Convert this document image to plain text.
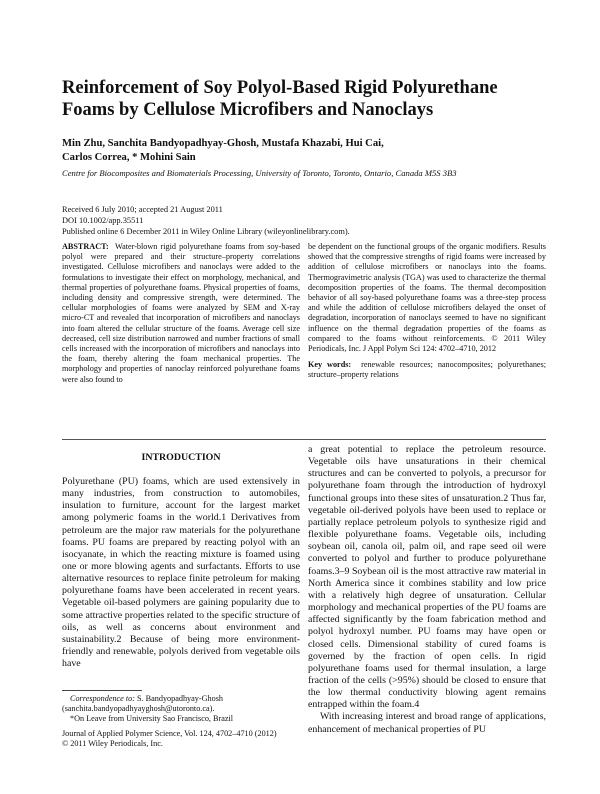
Reinforcement of Soy Polyol-Based Rigid Polyurethane Foams by Cellulose Microfibers and Nanoclays
Min Zhu, Sanchita Bandyopadhyay-Ghosh, Mustafa Khazabi, Hui Cai,
Carlos Correa, * Mohini Sain
Centre for Biocomposites and Biomaterials Processing, University of Toronto, Toronto, Ontario, Canada M5S 3B3
Received 6 July 2010; accepted 21 August 2011
DOI 10.1002/app.35511
Published online 6 December 2011 in Wiley Online Library (wileyonlinelibrary.com).

ABSTRACT: Water-blown rigid polyurethane foams from soy-based polyol were prepared and their structure–property correlations investigated. Cellulose microfibers and nanoclays were added to the formulations to investigate their effect on morphology, mechanical, and thermal properties of polyurethane foams. Physical properties of foams, including density and compressive strength, were determined. The cellular morphologies of foams were analyzed by SEM and X-ray micro-CT and revealed that incorporation of microfibers and nanoclays into foam altered the cellular structure of the foams. Average cell size decreased, cell size distribution narrowed and number fractions of small cells increased with the incorporation of microfibers and nanoclays into the foam, thereby altering the foam mechanical properties. The morphology and properties of nanoclay reinforced polyurethane foams were also found to

be dependent on the functional groups of the organic modifiers. Results showed that the compressive strengths of rigid foams were increased by addition of cellulose microfibers or nanoclays into the foams. Thermogravimetric analysis (TGA) was used to characterize the thermal decomposition properties of the foams. The thermal decomposition behavior of all soy-based polyurethane foams was a three-step process and while the addition of cellulose microfibers delayed the onset of degradation, incorporation of nanoclays seemed to have no significant influence on the thermal degradation properties of the foams as compared to the foams without reinforcements. © 2011 Wiley Periodicals, Inc. J Appl Polym Sci 124: 4702–4710, 2012

Key words: renewable resources; nanocomposites; polyurethanes; structure–property relations

INTRODUCTION

Polyurethane (PU) foams, which are used extensively in many industries, from construction to automobiles, insulation to furniture, account for the largest market among polymeric foams in the world.1 Derivatives from petroleum are the major raw materials for the polyurethane foams. PU foams are prepared by reacting polyol with an isocyanate, in which the reacting mixture is foamed using one or more blowing agents and surfactants. Efforts to use alternative resources to replace finite petroleum for making polyurethane foams have been accelerated in recent years. Vegetable oil-based polymers are gaining popularity due to some attractive properties related to the specific structure of oils, as well as concerns about environment and sustainability.2 Because of being more environment-friendly and renewable, polyols derived from vegetable oils have

a great potential to replace the petroleum resource. Vegetable oils have unsaturations in their chemical structures and can be converted to polyols, a precursor for polyurethane foam through the introduction of hydroxyl functional groups into these sites of unsaturation.2 Thus far, vegetable oil-derived polyols have been used to replace or partially replace petroleum polyols to synthesize rigid and flexible polyurethane foams. Vegetable oils, including soybean oil, canola oil, palm oil, and rape seed oil were converted to polyol and further to produce polyurethane foams.3–9 Soybean oil is the most attractive raw material in North America since it combines stability and low price with a relatively high degree of unsaturation. Cellular morphology and mechanical properties of the PU foams are affected significantly by the foam fabrication method and polyol hydroxyl number. PU foams may have open or closed cells. Dimensional stability of cured foams is governed by the fraction of open cells. In rigid polyurethane foams used for thermal insulation, a large fraction of the cells (>95%) should be closed to ensure that the low thermal conductivity blowing agent remains entrapped within the foam.4

With increasing interest and broad range of applications, enhancement of mechanical properties of PU

Correspondence to: S. Bandyopadhyay-Ghosh (sanchita.bandyopadhyayghosh@utoronto.ca).

*On Leave from University Sao Francisco, Brazil

Journal of Applied Polymer Science, Vol. 124, 4702–4710 (2012)
© 2011 Wiley Periodicals, Inc.
